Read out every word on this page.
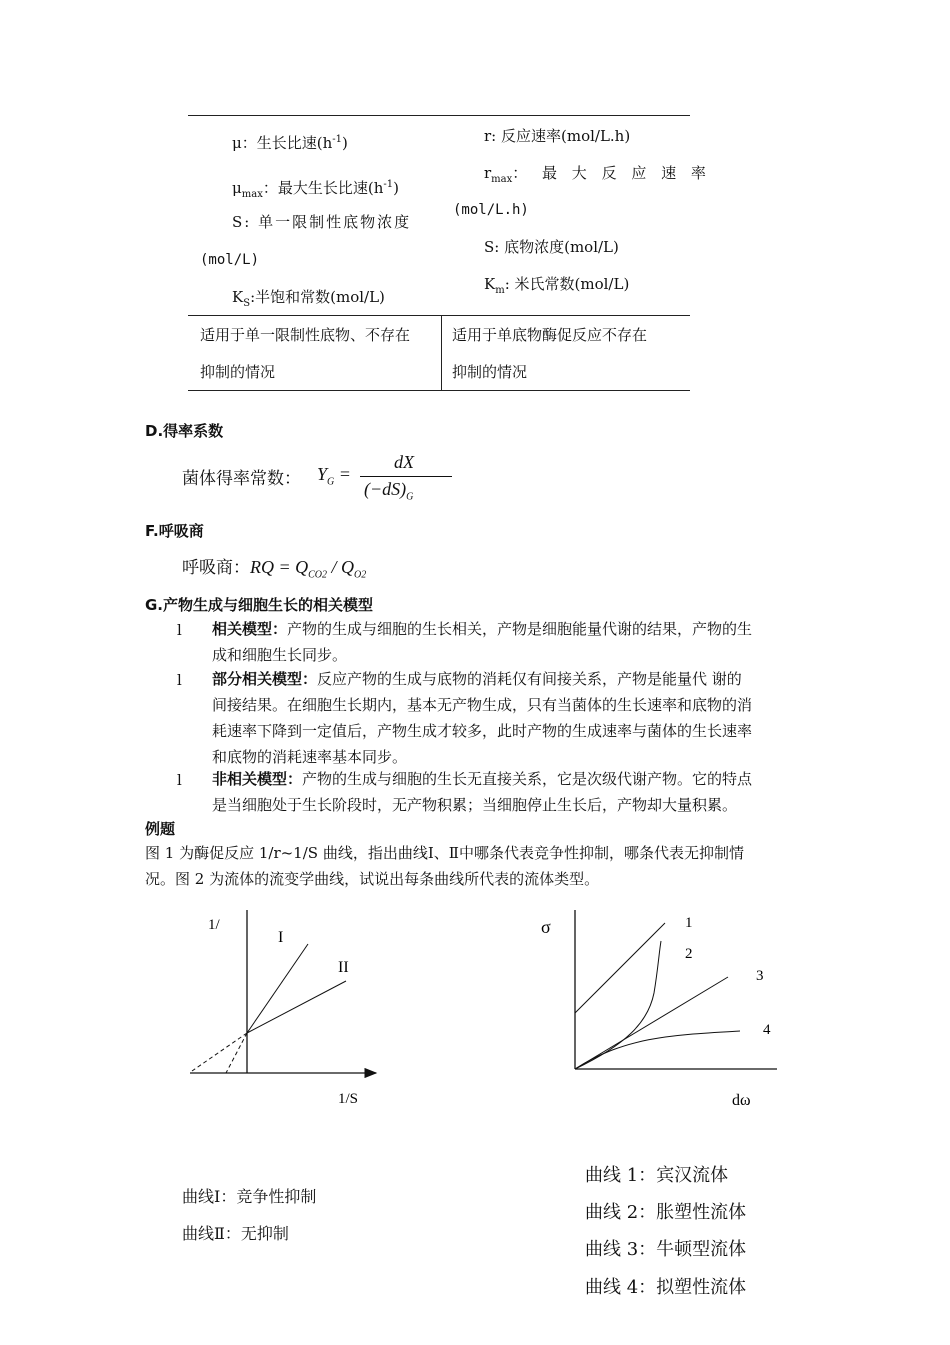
μ：生长比速$(h^{-1})$
$\mu_{max}$：最大生长比速$(h^{-1})$
S: 单一限制性底物浓度
(mol/L)
$K_S$:半饱和常数(mol/L)
r: 反应速率(mol/L.h)
$r_{max}$： 最 大 反 应 速 率
(mol/L.h)
S: 底物浓度(mol/L)
$K_m$: 米氏常数(mol/L)
适用于单一限制性底物、不存在
抑制的情况
适用于单底物酶促反应不存在
抑制的情况
D.得率系数
菌体得率常数： $Y_G$ =
dX
$(-dS)_G$
F.呼吸商
呼吸商：RQ = $Q_{CO2} / Q_{O2}$
G.产物生成与细胞生长的相关模型
l 相关模型：产物的生成与细胞的生长相关，产物是细胞能量代谢的结果，产物的生
成和细胞生长同步。
l 部分相关模型：反应产物的生成与底物的消耗仅有间接关系，产物是能量代 谢的
间接结果。在细胞生长期内，基本无产物生成，只有当菌体的生长速率和底物的消
耗速率下降到一定值后，产物生成才较多，此时产物的生成速率与菌体的生长速率
和底物的消耗速率基本同步。
l 非相关模型：产物的生成与细胞的生长无直接关系，它是次级代谢产物。它的特点
是当细胞处于生长阶段时，无产物积累；当细胞停止生长后，产物却大量积累。
例题
图 1 为酶促反应 1/r~1/S 曲线，指出曲线Ⅰ、Ⅱ中哪条代表竞争性抑制，哪条代表无抑制情
况。图 2 为流体的流变学曲线，试说出每条曲线所代表的流体类型。
1/
I
II
1/S
σ	1
2
3
4
dω
曲线Ⅰ：竞争性抑制
曲线Ⅱ：无抑制
曲线 1：宾汉流体
曲线 2：胀塑性流体
曲线 3：牛顿型流体
曲线 4：拟塑性流体
